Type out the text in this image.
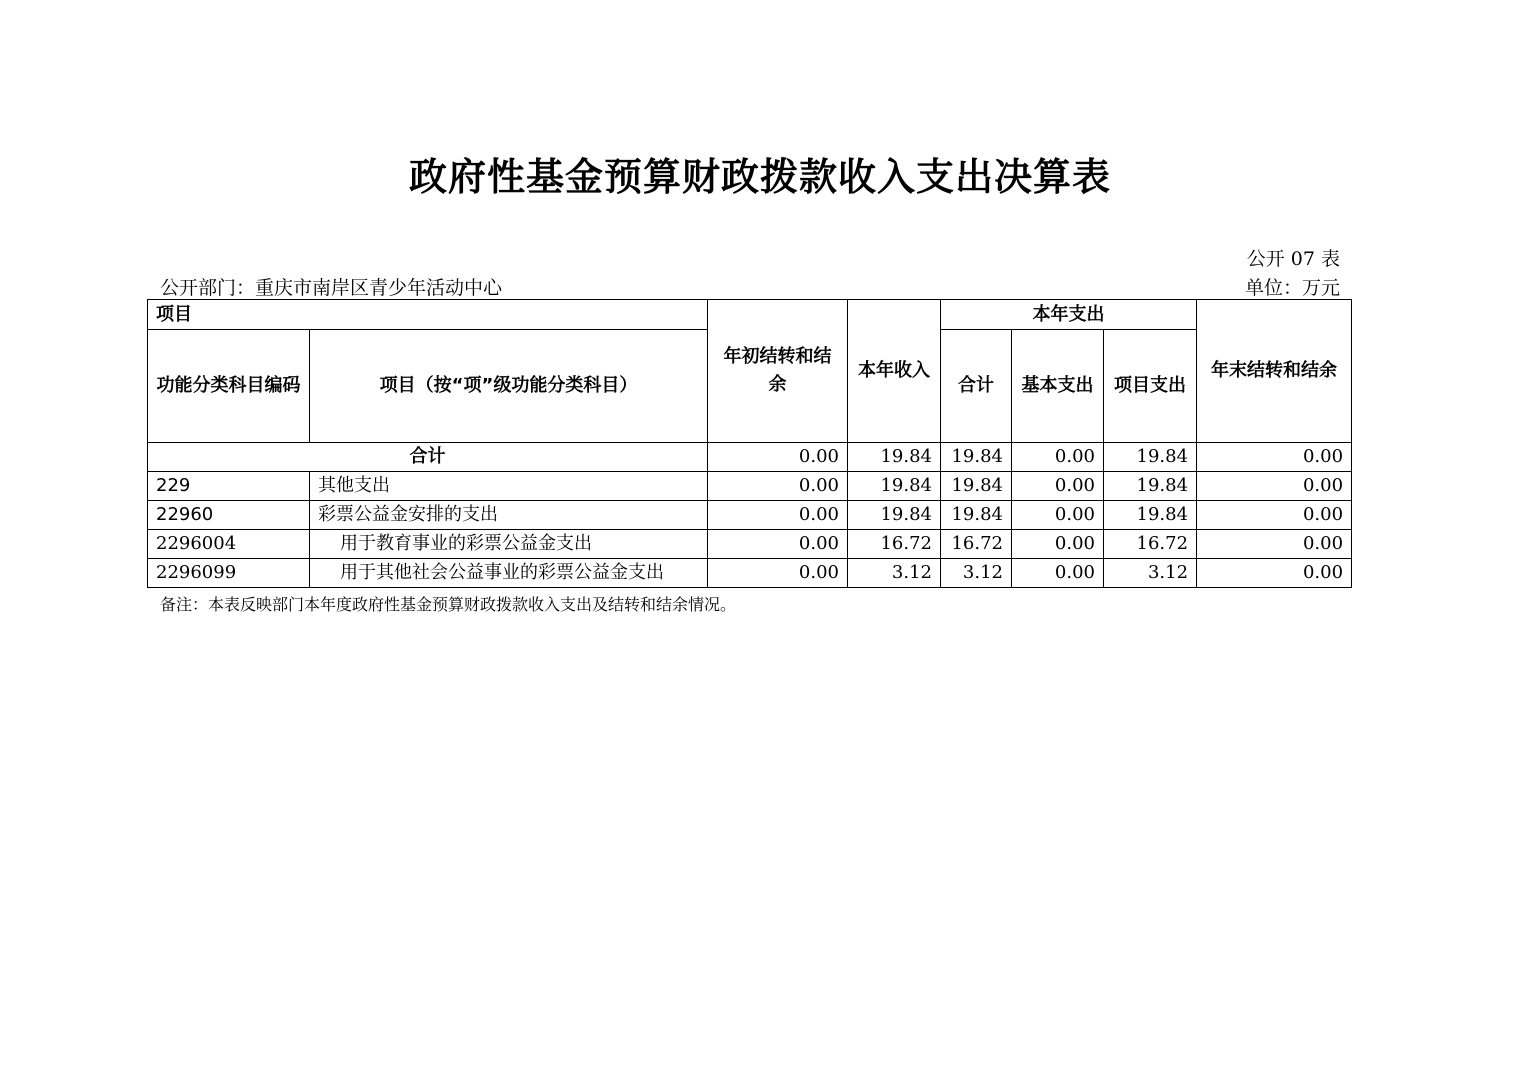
政府性基金预算财政拨款收入支出决算表
公开 07 表
公开部门：重庆市南岸区青少年活动中心	单位：万元
项目		年初结转和结余	本年收入	本年支出			年末结转和结余
功能分类科目编码	项目（按“项”级功能分类科目）			合计	基本支出	项目支出	
合计		0.00	19.84	19.84	0.00	19.84	0.00
229	其他支出	0.00	19.84	19.84	0.00	19.84	0.00
22960	彩票公益金安排的支出	0.00	19.84	19.84	0.00	19.84	0.00
2296004	用于教育事业的彩票公益金支出	0.00	16.72	16.72	0.00	16.72	0.00
2296099	用于其他社会公益事业的彩票公益金支出	0.00	3.12	3.12	0.00	3.12	0.00
备注：本表反映部门本年度政府性基金预算财政拨款收入支出及结转和结余情况。
